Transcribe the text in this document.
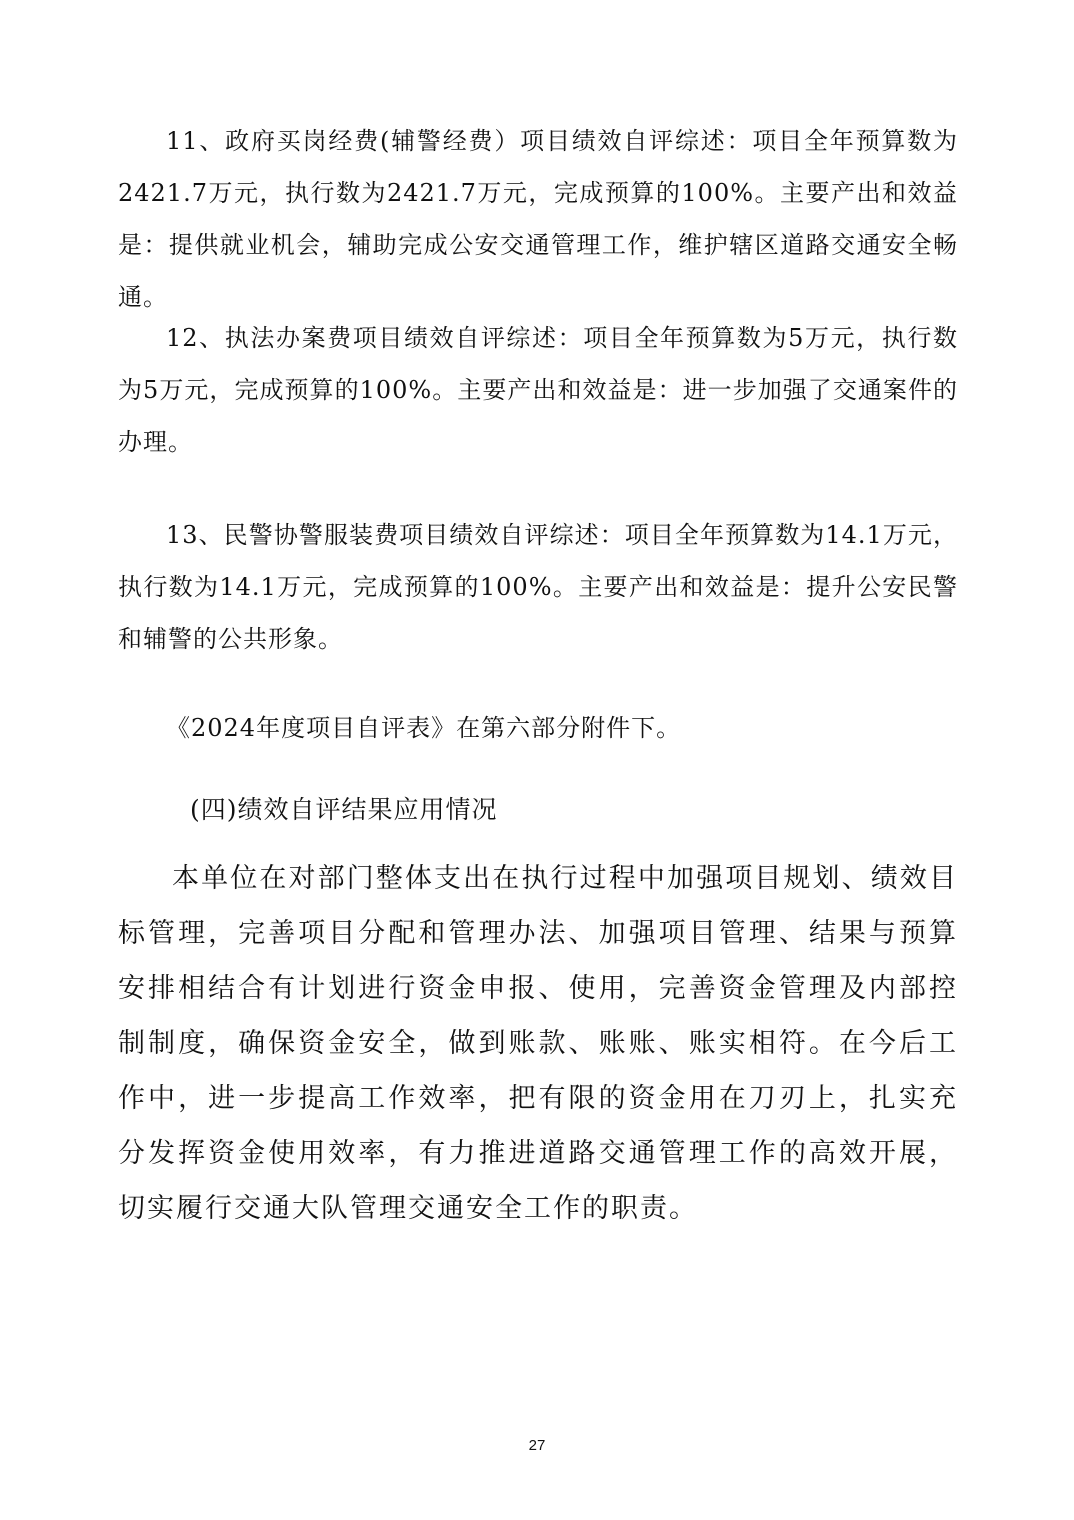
11、政府买岗经费(辅警经费）项目绩效自评综述：项目全年预算数为2421.7万元，执行数为2421.7万元，完成预算的100%。主要产出和效益是：提供就业机会，辅助完成公安交通管理工作，维护辖区道路交通安全畅通。

12、执法办案费项目绩效自评综述：项目全年预算数为5万元，执行数为5万元，完成预算的100%。主要产出和效益是：进一步加强了交通案件的办理。

13、民警协警服装费项目绩效自评综述：项目全年预算数为14.1万元，执行数为14.1万元，完成预算的100%。主要产出和效益是：提升公安民警和辅警的公共形象。

《2024年度项目自评表》在第六部分附件下。

(四)绩效自评结果应用情况

本单位在对部门整体支出在执行过程中加强项目规划、绩效目标管理，完善项目分配和管理办法、加强项目管理、结果与预算安排相结合有计划进行资金申报、使用，完善资金管理及内部控制制度，确保资金安全，做到账款、账账、账实相符。在今后工作中，进一步提高工作效率，把有限的资金用在刀刃上，扎实充分发挥资金使用效率，有力推进道路交通管理工作的高效开展，切实履行交通大队管理交通安全工作的职责。

27
